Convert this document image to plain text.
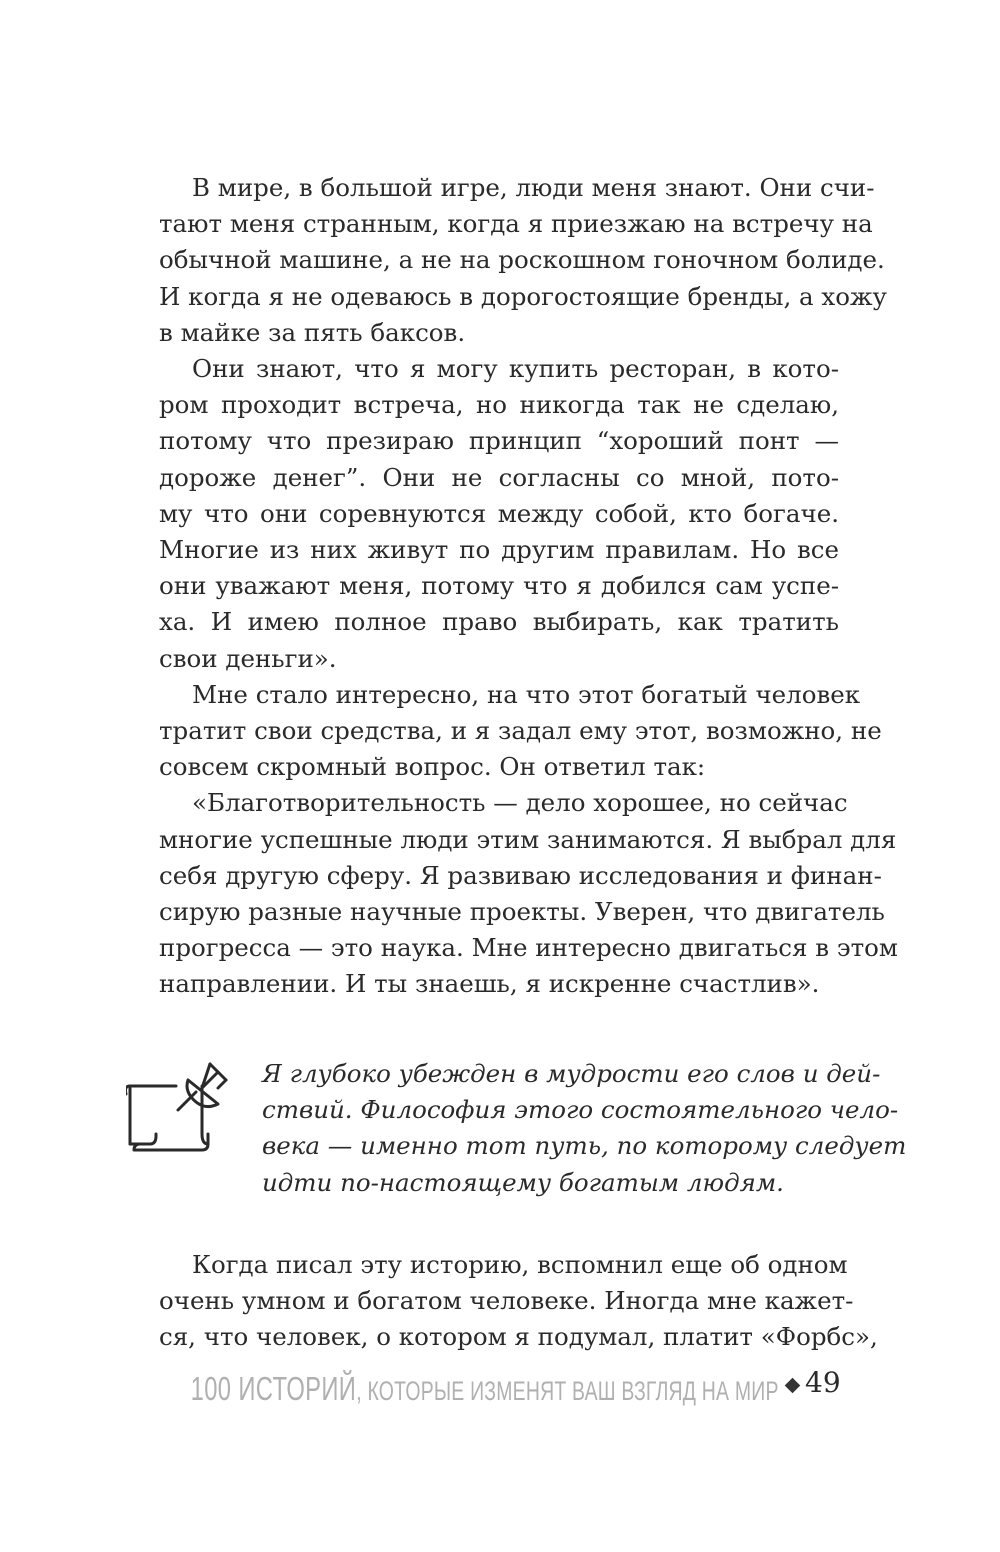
В мире, в большой игре, люди меня знают. Они счи-
тают меня странным, когда я приезжаю на встречу на
обычной машине, а не на роскошном гоночном болиде.
И когда я не одеваюсь в дорогостоящие бренды, а хожу
в майке за пять баксов.
Они знают, что я могу купить ресторан, в кото-
ром проходит встреча, но никогда так не сделаю,
потому что презираю принцип “хороший понт —
дороже денег”. Они не согласны со мной, пото-
му что они соревнуются между собой, кто богаче.
Многие из них живут по другим правилам. Но все
они уважают меня, потому что я добился сам успе-
ха. И имею полное право выбирать, как тратить
свои деньги».
Мне стало интересно, на что этот богатый человек
тратит свои средства, и я задал ему этот, возможно, не
совсем скромный вопрос. Он ответил так:
«Благотворительность — дело хорошее, но сейчас
многие успешные люди этим занимаются. Я выбрал для
себя другую сферу. Я развиваю исследования и финан-
сирую разные научные проекты. Уверен, что двигатель
прогресса — это наука. Мне интересно двигаться в этом
направлении. И ты знаешь, я искренне счастлив».
Я глубоко убежден в мудрости его слов и дей-
ствий. Философия этого состоятельного чело-
века — именно тот путь, по которому следует
идти по-настоящему богатым людям.
Когда писал эту историю, вспомнил еще об одном
очень умном и богатом человеке. Иногда мне кажет-
ся, что человек, о котором я подумал, платит «Форбс»,
100 ИСТОРИЙ, КОТОРЫЕ ИЗМЕНЯТ ВАШ ВЗГЛЯД НА МИР 49
